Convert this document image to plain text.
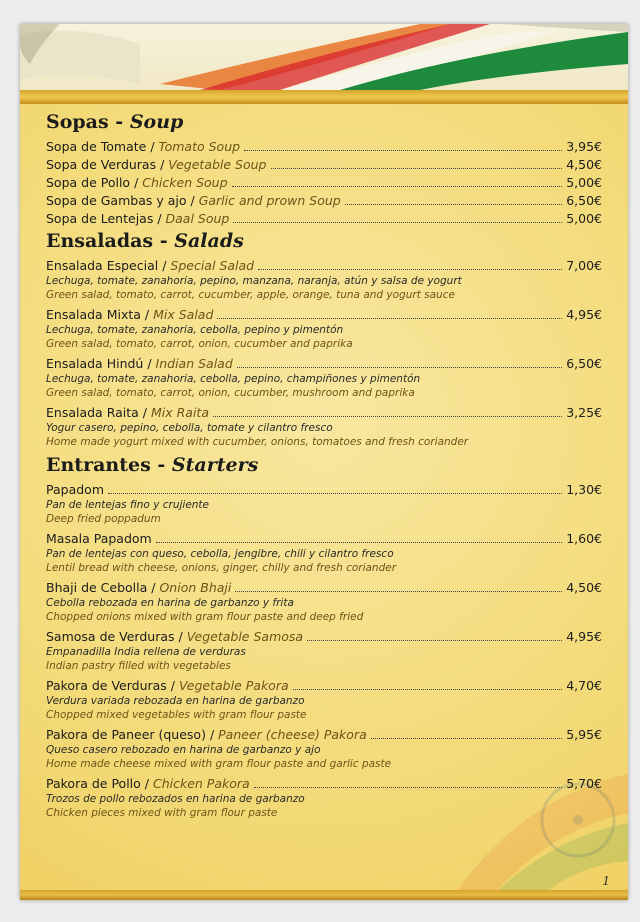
Sopas - Soup
Sopa de Tomate / Tomato Soup	3,95€
Sopa de Verduras / Vegetable Soup	4,50€
Sopa de Pollo / Chicken Soup	5,00€
Sopa de Gambas y ajo / Garlic and prown Soup	6,50€
Sopa de Lentejas / Daal Soup	5,00€
Ensaladas - Salads
Ensalada Especial / Special Salad	7,00€
Lechuga, tomate, zanahoria, pepino, manzana, naranja, atún y salsa de yogurt
Green salad, tomato, carrot, cucumber, apple, orange, tuna and yogurt sauce
Ensalada Mixta / Mix Salad	4,95€
Lechuga, tomate, zanahoria, cebolla, pepino y pimentón
Green salad, tomato, carrot, onion, cucumber and paprika
Ensalada Hindú / Indian Salad	6,50€
Lechuga, tomate, zanahoria, cebolla, pepino, champiñones y pimentón
Green salad, tomato, carrot, onion, cucumber, mushroom and paprika
Ensalada Raita / Mix Raita	3,25€
Yogur casero, pepino, cebolla, tomate y cilantro fresco
Home made yogurt mixed with cucumber, onions, tomatoes and fresh coriander
Entrantes - Starters
Papadom	1,30€
Pan de lentejas fino y crujiente
Deep fried poppadum
Masala Papadom	1,60€
Pan de lentejas con queso, cebolla, jengibre, chili y cilantro fresco
Lentil bread with cheese, onions, ginger, chilly and fresh coriander
Bhaji de Cebolla / Onion Bhaji	4,50€
Cebolla rebozada en harina de garbanzo y frita
Chopped onions mixed with gram flour paste and deep fried
Samosa de Verduras / Vegetable Samosa	4,95€
Empanadilla India rellena de verduras
Indian pastry filled with vegetables
Pakora de Verduras / Vegetable Pakora	4,70€
Verdura variada rebozada en harina de garbanzo
Chopped mixed vegetables with gram flour paste
Pakora de Paneer (queso) / Paneer (cheese) Pakora	5,95€
Queso casero rebozado en harina de garbanzo y ajo
Home made cheese mixed with gram flour paste and garlic paste
Pakora de Pollo / Chicken Pakora	5,70€
Trozos de pollo rebozados en harina de garbanzo
Chicken pieces mixed with gram flour paste
1
